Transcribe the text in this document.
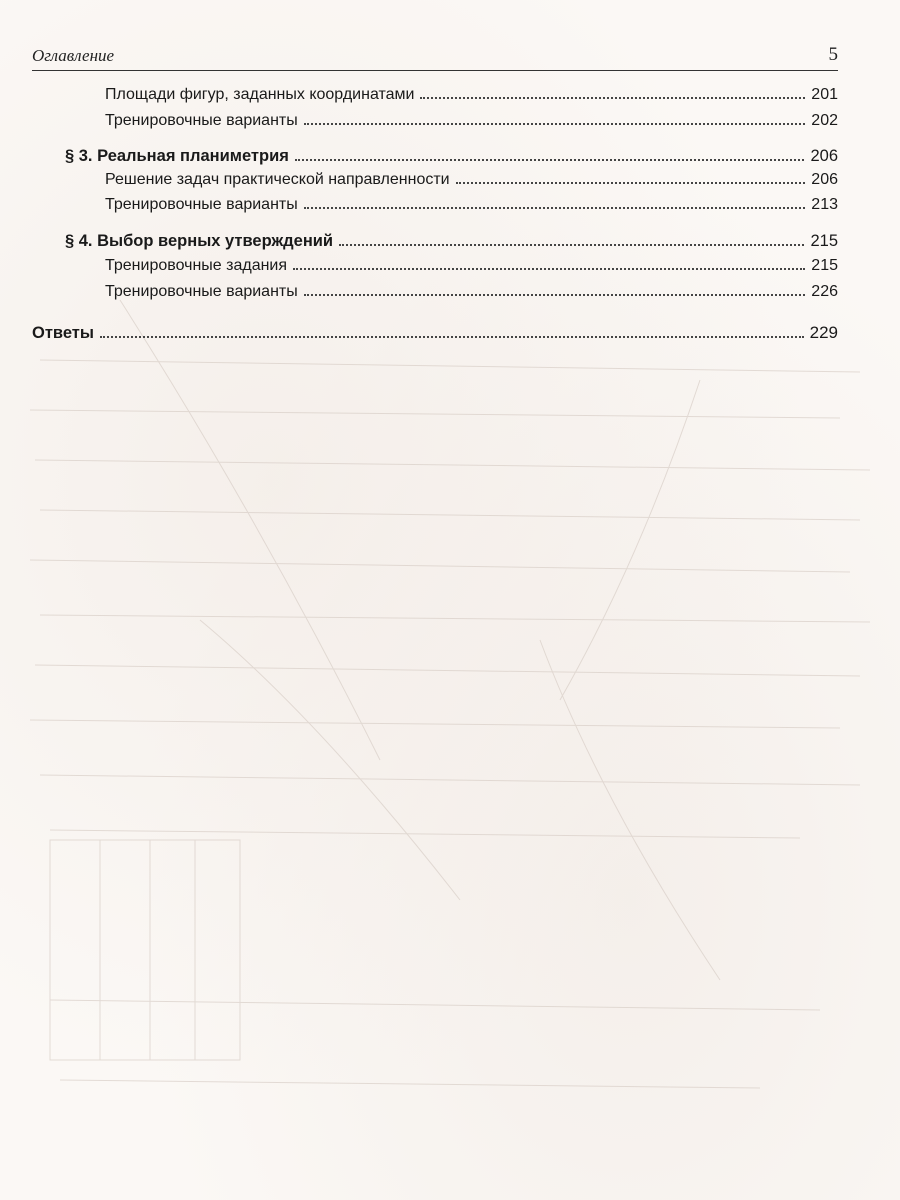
Оглавление	5
Площади фигур, заданных координатами	201
Тренировочные варианты	202
§ 3. Реальная планиметрия	206
Решение задач практической направленности	206
Тренировочные варианты	213
§ 4. Выбор верных утверждений	215
Тренировочные задания	215
Тренировочные варианты	226
Ответы	229
